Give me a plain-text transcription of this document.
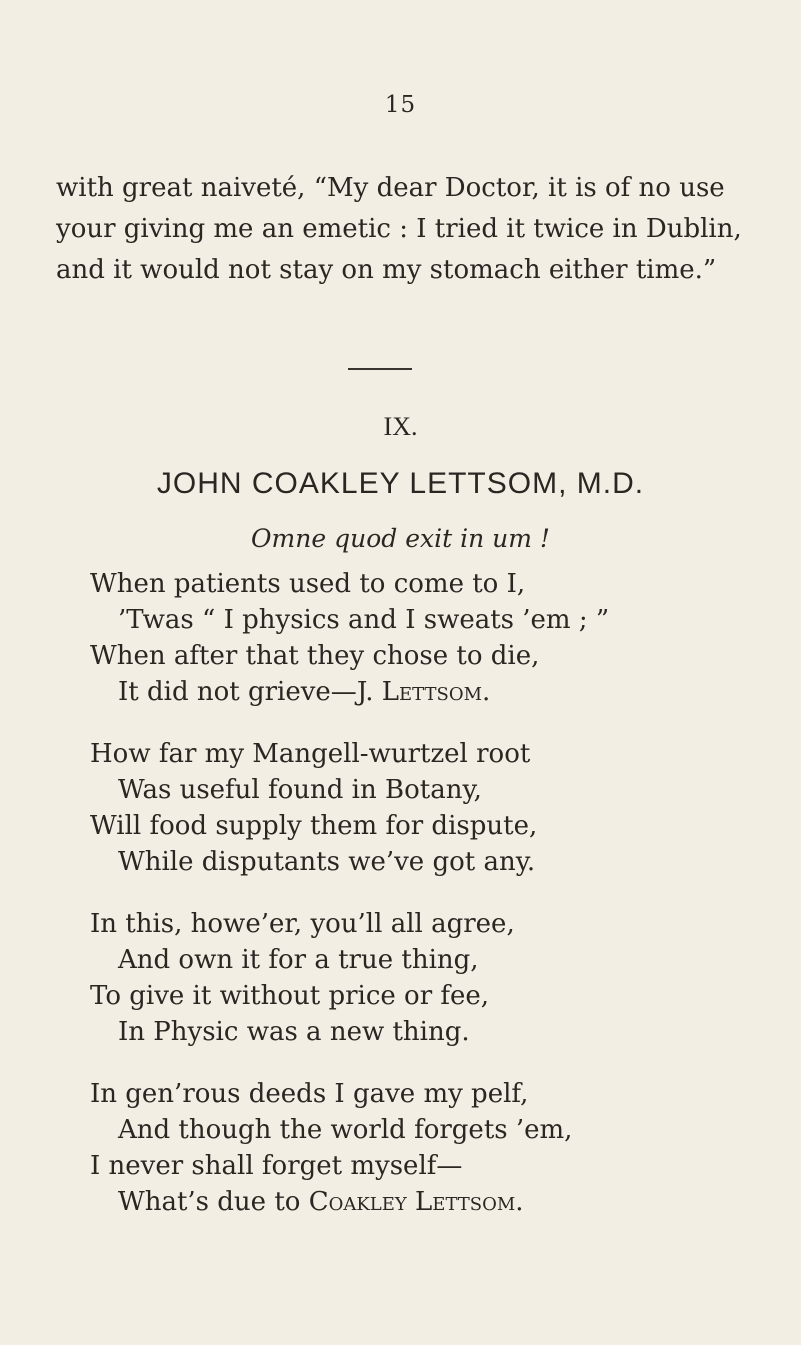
15

with great naiveté, “My dear Doctor, it is of no use your giving me an emetic : I tried it twice in Dublin, and it would not stay on my stomach either time.”

IX.
JOHN COAKLEY LETTSOM, M.D.
Omne quod exit in um !
When patients used to come to I,
’Twas “ I physics and I sweats ’em ; ”
When after that they chose to die,
It did not grieve—J. Lettsom.
How far my Mangell-wurtzel root
Was useful found in Botany,
Will food supply them for dispute,
While disputants we’ve got any.
In this, howe’er, you’ll all agree,
And own it for a true thing,
To give it without price or fee,
In Physic was a new thing.
In gen’rous deeds I gave my pelf,
And though the world forgets ’em,
I never shall forget myself—
What’s due to Coakley Lettsom.
